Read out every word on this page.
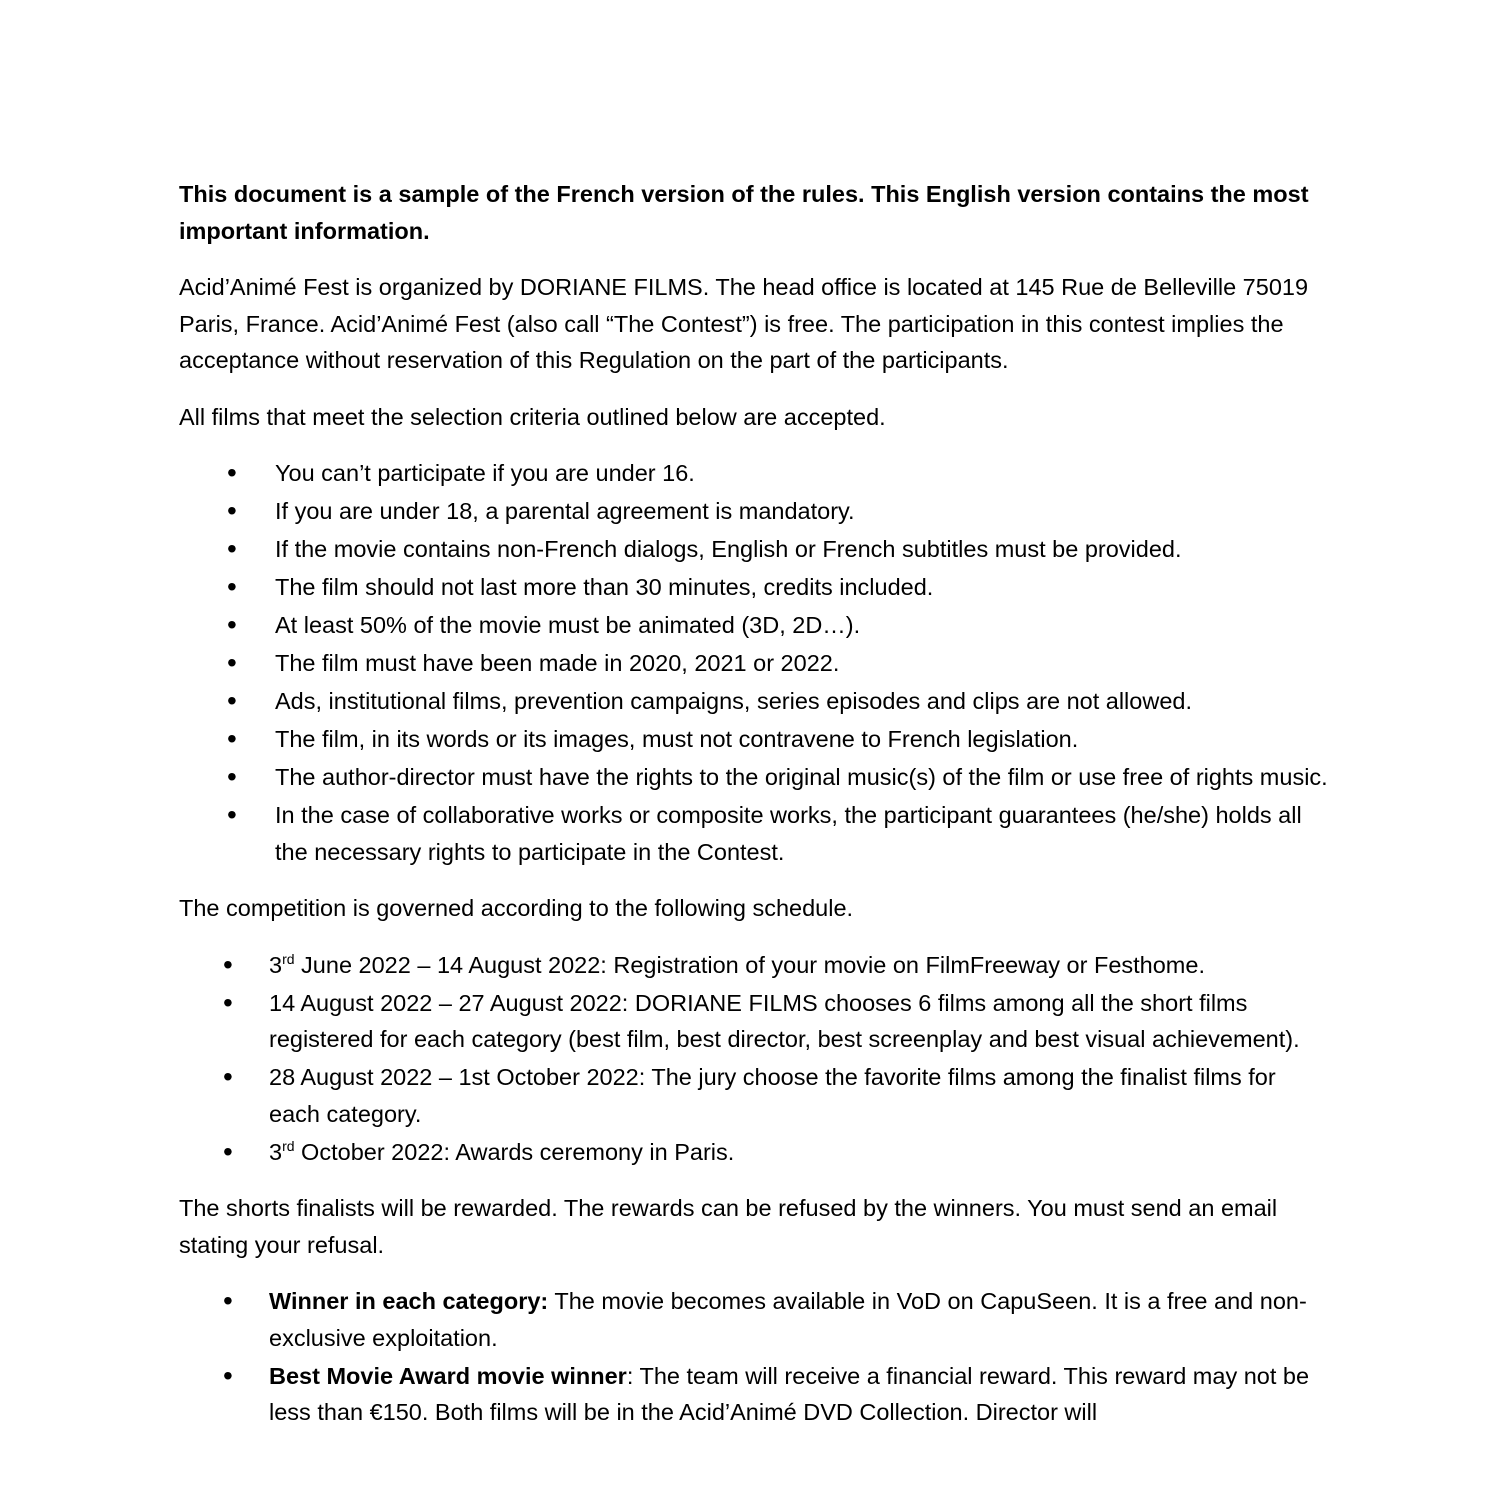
This document is a sample of the French version of the rules. This English version contains the most important information.

Acid’Animé Fest is organized by DORIANE FILMS. The head office is located at 145 Rue de Belleville 75019 Paris, France. Acid’Animé Fest (also call “The Contest”) is free. The participation in this contest implies the acceptance without reservation of this Regulation on the part of the participants.

All films that meet the selection criteria outlined below are accepted.

• You can’t participate if you are under 16.
• If you are under 18, a parental agreement is mandatory.
• If the movie contains non-French dialogs, English or French subtitles must be provided.
• The film should not last more than 30 minutes, credits included.
• At least 50% of the movie must be animated (3D, 2D…).
• The film must have been made in 2020, 2021 or 2022.
• Ads, institutional films, prevention campaigns, series episodes and clips are not allowed.
• The film, in its words or its images, must not contravene to French legislation.
• The author-director must have the rights to the original music(s) of the film or use free of rights music.
• In the case of collaborative works or composite works, the participant guarantees (he/she) holds all the necessary rights to participate in the Contest.

The competition is governed according to the following schedule.

• 3rd June 2022 – 14 August 2022: Registration of your movie on FilmFreeway or Festhome.
• 14 August 2022 – 27 August 2022: DORIANE FILMS chooses 6 films among all the short films registered for each category (best film, best director, best screenplay and best visual achievement).
• 28 August 2022 – 1st October 2022: The jury choose the favorite films among the finalist films for each category.
• 3rd October 2022: Awards ceremony in Paris.

The shorts finalists will be rewarded. The rewards can be refused by the winners. You must send an email stating your refusal.

• Winner in each category: The movie becomes available in VoD on CapuSeen. It is a free and non-exclusive exploitation.
• Best Movie Award movie winner: The team will receive a financial reward. This reward may not be less than €150. Both films will be in the Acid’Animé DVD Collection. Director will
